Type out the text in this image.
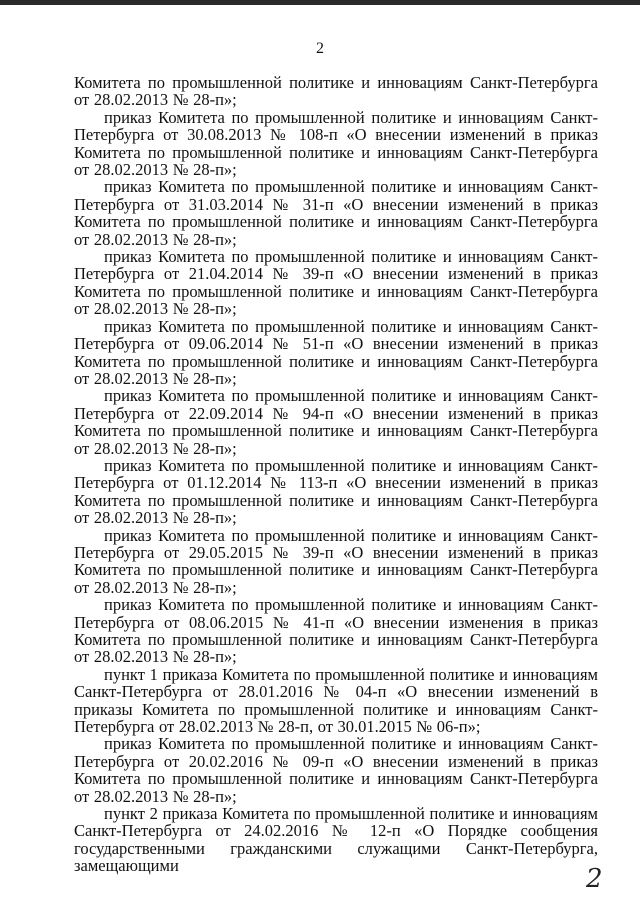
2

Комитета по промышленной политике и инновациям Санкт-Петербурга от 28.02.2013 № 28-п»;

приказ Комитета по промышленной политике и инновациям Санкт-Петербурга от 30.08.2013 № 108-п «О внесении изменений в приказ Комитета по промышленной политике и инновациям Санкт-Петербурга от 28.02.2013 № 28-п»;

приказ Комитета по промышленной политике и инновациям Санкт-Петербурга от 31.03.2014 № 31-п «О внесении изменений в приказ Комитета по промышленной политике и инновациям Санкт-Петербурга от 28.02.2013 № 28-п»;

приказ Комитета по промышленной политике и инновациям Санкт-Петербурга от 21.04.2014 № 39-п «О внесении изменений в приказ Комитета по промышленной политике и инновациям Санкт-Петербурга от 28.02.2013 № 28-п»;

приказ Комитета по промышленной политике и инновациям Санкт-Петербурга от 09.06.2014 № 51-п «О внесении изменений в приказ Комитета по промышленной политике и инновациям Санкт-Петербурга от 28.02.2013 № 28-п»;

приказ Комитета по промышленной политике и инновациям Санкт-Петербурга от 22.09.2014 № 94-п «О внесении изменений в приказ Комитета по промышленной политике и инновациям Санкт-Петербурга от 28.02.2013 № 28-п»;

приказ Комитета по промышленной политике и инновациям Санкт-Петербурга от 01.12.2014 № 113-п «О внесении изменений в приказ Комитета по промышленной политике и инновациям Санкт-Петербурга от 28.02.2013 № 28-п»;

приказ Комитета по промышленной политике и инновациям Санкт-Петербурга от 29.05.2015 № 39-п «О внесении изменений в приказ Комитета по промышленной политике и инновациям Санкт-Петербурга от 28.02.2013 № 28-п»;

приказ Комитета по промышленной политике и инновациям Санкт-Петербурга от 08.06.2015 № 41-п «О внесении изменения в приказ Комитета по промышленной политике и инновациям Санкт-Петербурга от 28.02.2013 № 28-п»;

пункт 1 приказа Комитета по промышленной политике и инновациям Санкт-Петербурга от 28.01.2016 № 04-п «О внесении изменений в приказы Комитета по промышленной политике и инновациям Санкт-Петербурга от 28.02.2013 № 28-п, от 30.01.2015 № 06-п»;

приказ Комитета по промышленной политике и инновациям Санкт-Петербурга от 20.02.2016 № 09-п «О внесении изменений в приказ Комитета по промышленной политике и инновациям Санкт-Петербурга от 28.02.2013 № 28-п»;

пункт 2 приказа Комитета по промышленной политике и инновациям Санкт-Петербурга от 24.02.2016 № 12-п «О Порядке сообщения государственными гражданскими служащими Санкт-Петербурга, замещающими	2
